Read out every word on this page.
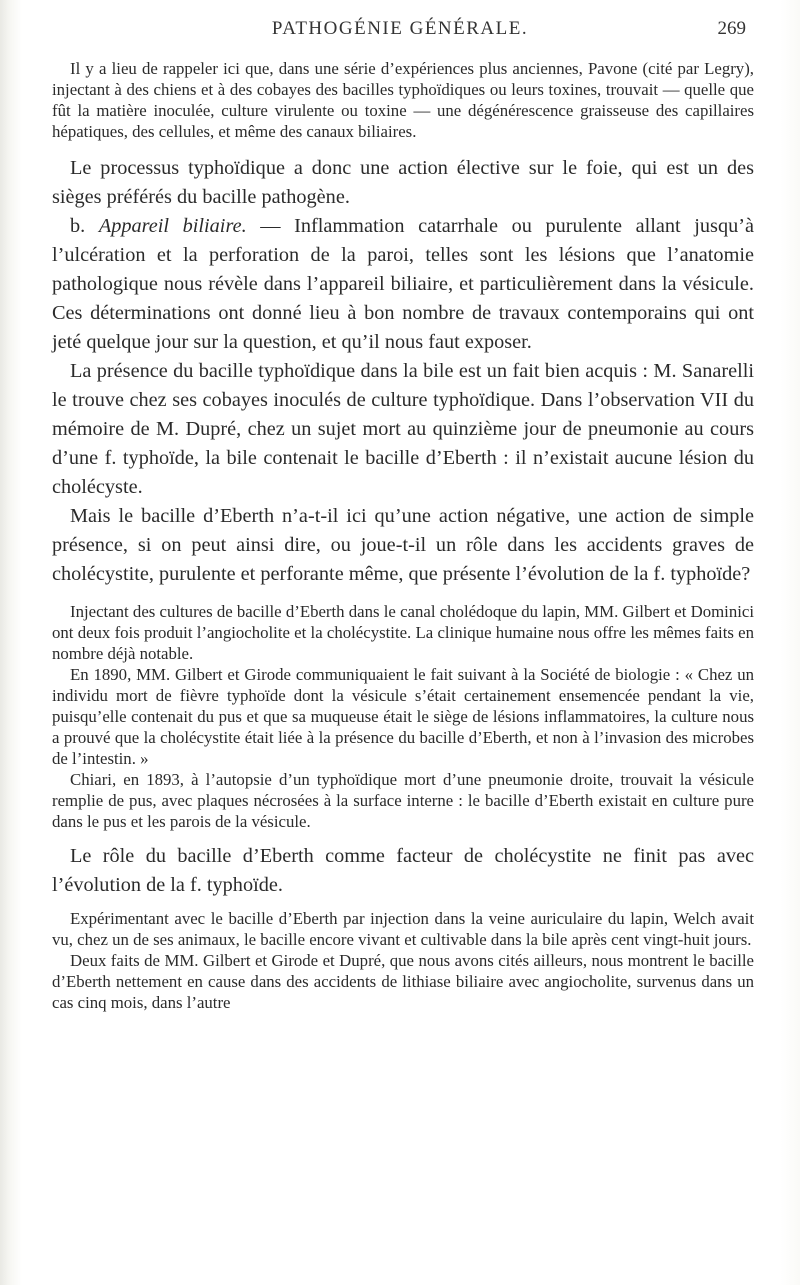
PATHOGÉNIE GÉNÉRALE.	269

Il y a lieu de rappeler ici que, dans une série d’expériences plus anciennes, Pavone (cité par Legry), injectant à des chiens et à des cobayes des bacilles typhoïdiques ou leurs toxines, trouvait — quelle que fût la matière inoculée, culture virulente ou toxine — une dégénérescence graisseuse des capillaires hépatiques, des cellules, et même des canaux biliaires.

Le processus typhoïdique a donc une action élective sur le foie, qui est un des sièges préférés du bacille pathogène.

b. Appareil biliaire. — Inflammation catarrhale ou purulente allant jusqu’à l’ulcération et la perforation de la paroi, telles sont les lésions que l’anatomie pathologique nous révèle dans l’appareil biliaire, et particulièrement dans la vésicule. Ces déterminations ont donné lieu à bon nombre de travaux contemporains qui ont jeté quelque jour sur la question, et qu’il nous faut exposer.

La présence du bacille typhoïdique dans la bile est un fait bien acquis : M. Sanarelli le trouve chez ses cobayes inoculés de culture typhoïdique. Dans l’observation VII du mémoire de M. Dupré, chez un sujet mort au quinzième jour de pneumonie au cours d’une f. typhoïde, la bile contenait le bacille d’Eberth : il n’existait aucune lésion du cholécyste.

Mais le bacille d’Eberth n’a-t-il ici qu’une action négative, une action de simple présence, si on peut ainsi dire, ou joue-t-il un rôle dans les accidents graves de cholécystite, purulente et perforante même, que présente l’évolution de la f. typhoïde?

Injectant des cultures de bacille d’Eberth dans le canal cholédoque du lapin, MM. Gilbert et Dominici ont deux fois produit l’angiocholite et la cholécystite. La clinique humaine nous offre les mêmes faits en nombre déjà notable.

En 1890, MM. Gilbert et Girode communiquaient le fait suivant à la Société de biologie : « Chez un individu mort de fièvre typhoïde dont la vésicule s’était certainement ensemencée pendant la vie, puisqu’elle contenait du pus et que sa muqueuse était le siège de lésions inflammatoires, la culture nous a prouvé que la cholécystite était liée à la présence du bacille d’Eberth, et non à l’invasion des microbes de l’intestin. »

Chiari, en 1893, à l’autopsie d’un typhoïdique mort d’une pneumonie droite, trouvait la vésicule remplie de pus, avec plaques nécrosées à la surface interne : le bacille d’Eberth existait en culture pure dans le pus et les parois de la vésicule.

Le rôle du bacille d’Eberth comme facteur de cholécystite ne finit pas avec l’évolution de la f. typhoïde.

Expérimentant avec le bacille d’Eberth par injection dans la veine auriculaire du lapin, Welch avait vu, chez un de ses animaux, le bacille encore vivant et cultivable dans la bile après cent vingt-huit jours.

Deux faits de MM. Gilbert et Girode et Dupré, que nous avons cités ailleurs, nous montrent le bacille d’Eberth nettement en cause dans des accidents de lithiase biliaire avec angiocholite, survenus dans un cas cinq mois, dans l’autre
